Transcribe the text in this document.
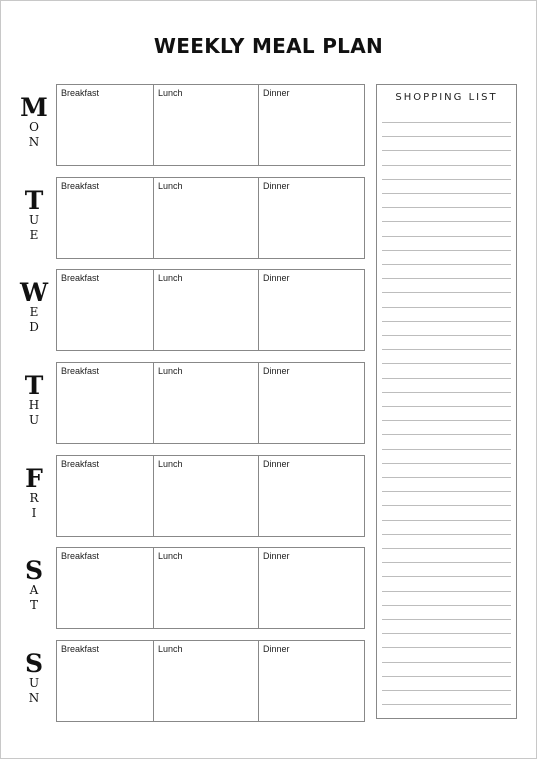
WEEKLY MEAL PLAN
M
O
N
Breakfast	Lunch	Dinner
T
U
E
Breakfast	Lunch	Dinner
W
E
D
Breakfast	Lunch	Dinner
T
H
U
Breakfast	Lunch	Dinner
F
R
I
Breakfast	Lunch	Dinner
S
A
T
Breakfast	Lunch	Dinner
S
U
N
Breakfast	Lunch	Dinner
SHOPPING LIST
